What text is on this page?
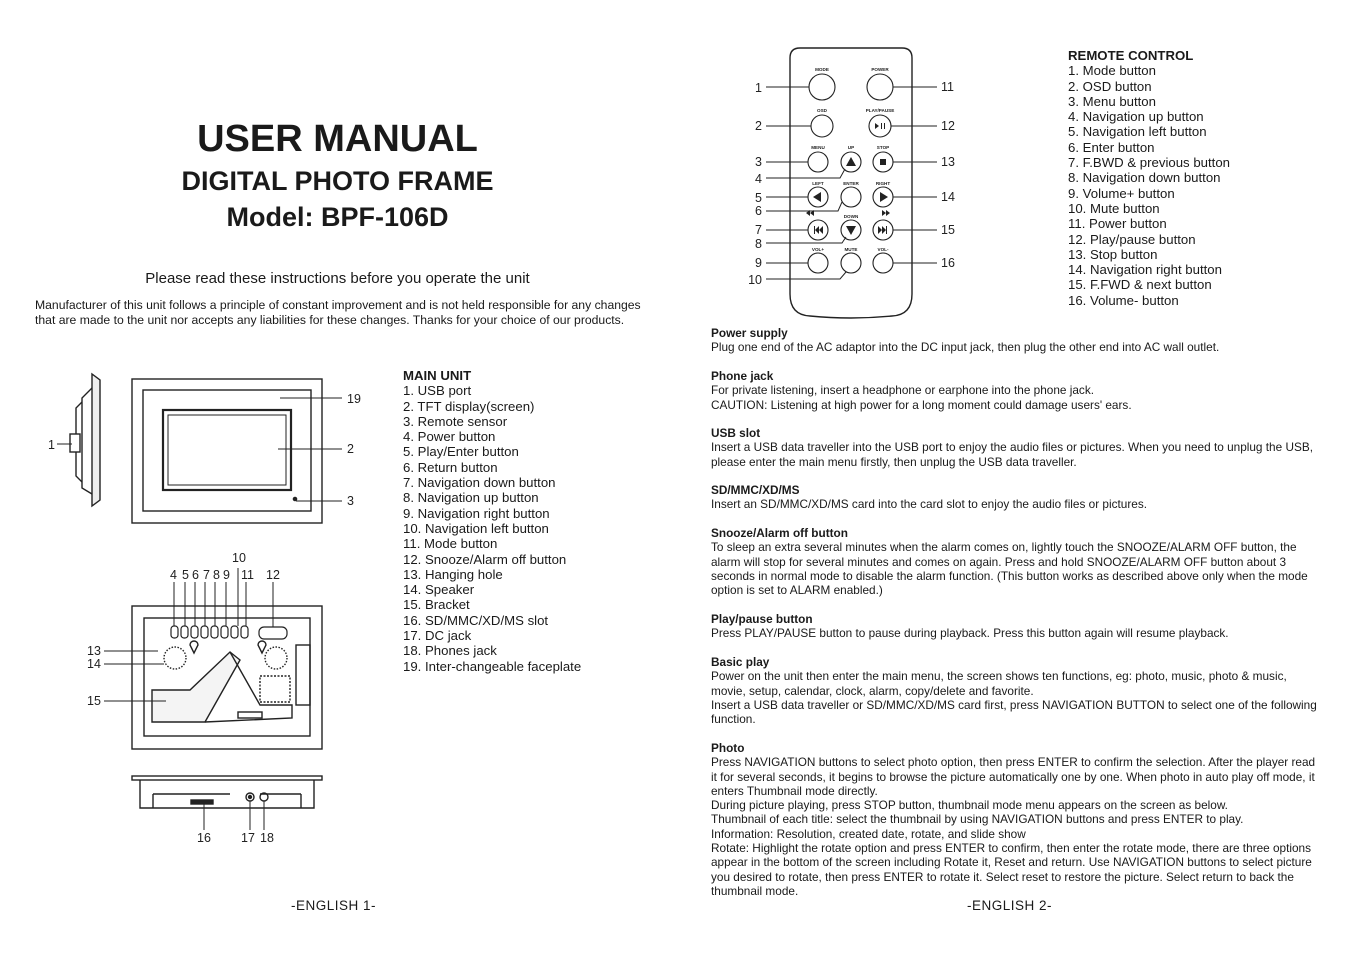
USER MANUAL
DIGITAL PHOTO FRAME
Model: BPF-106D
Please read these instructions before you operate the unit
Manufacturer of this unit follows a principle of constant improvement and is not held responsible for any changes that are made to the unit nor accepts any liabilities for these changes. Thanks for your choice of our products.
1
19
2
3
10
4 5 6 7 8 9 11 12
13
14
15
16 17 18
MAIN UNIT
1. USB port
2. TFT display(screen)
3. Remote sensor
4. Power button
5. Play/Enter button
6. Return button
7. Navigation down button
8. Navigation up button
9. Navigation right button
10. Navigation left button
11. Mode button
12. Snooze/Alarm off button
13. Hanging hole
14. Speaker
15. Bracket
16. SD/MMC/XD/MS slot
17. DC jack
18. Phones jack
19. Inter-changeable faceplate
-ENGLISH 1-
MODE	POWER
OSD	PLAY/PAUSE
MENU	UP	STOP
LEFT	ENTER	RIGHT
DOWN
VOL+	MUTE	VOL-
1
2
3
4
5
6
7
8
9
10
11
12
13
14
15
16
REMOTE CONTROL
1. Mode button
2. OSD button
3. Menu button
4. Navigation up button
5. Navigation left button
6. Enter button
7. F.BWD & previous button
8. Navigation down button
9. Volume+ button
10. Mute button
11. Power button
12. Play/pause button
13. Stop button
14. Navigation right button
15. F.FWD & next button
16. Volume- button
Power supply

Plug one end of the AC adaptor into the DC input jack, then plug the other end into AC wall outlet.

Phone jack

For private listening, insert a headphone or earphone into the phone jack.

CAUTION: Listening at high power for a long moment could damage users' ears.

USB slot

Insert a USB data traveller into the USB port to enjoy the audio files or pictures. When you need to unplug the USB, please enter the main menu firstly, then unplug the USB data traveller.

SD/MMC/XD/MS

Insert an SD/MMC/XD/MS card into the card slot to enjoy the audio files or pictures.

Snooze/Alarm off button

To sleep an extra several minutes when the alarm comes on, lightly touch the SNOOZE/ALARM OFF button, the alarm will stop for several minutes and comes on again. Press and hold SNOOZE/ALARM OFF button about 3 seconds in normal mode to disable the alarm function. (This button works as described above only when the mode option is set to ALARM enabled.)

Play/pause button

Press PLAY/PAUSE button to pause during playback. Press this button again will resume playback.

Basic play

Power on the unit then enter the main menu, the screen shows ten functions, eg: photo, music, photo & music, movie, setup, calendar, clock, alarm, copy/delete and favorite.

Insert a USB data traveller or SD/MMC/XD/MS card first, press NAVIGATION BUTTON to select one of the following function.

Photo

Press NAVIGATION buttons to select photo option, then press ENTER to confirm the selection. After the player read it for several seconds, it begins to browse the picture automatically one by one. When photo in auto play off mode, it enters Thumbnail mode directly.

During picture playing, press STOP button, thumbnail mode menu appears on the screen as below.

Thumbnail of each title: select the thumbnail by using NAVIGATION buttons and press ENTER to play.

Information: Resolution, created date, rotate, and slide show

Rotate: Highlight the rotate option and press ENTER to confirm, then enter the rotate mode, there are three options appear in the bottom of the screen including Rotate it, Reset and return. Use NAVIGATION buttons to select picture you desired to rotate, then press ENTER to rotate it. Select reset to restore the picture. Select return to back the thumbnail mode.

-ENGLISH 2-
